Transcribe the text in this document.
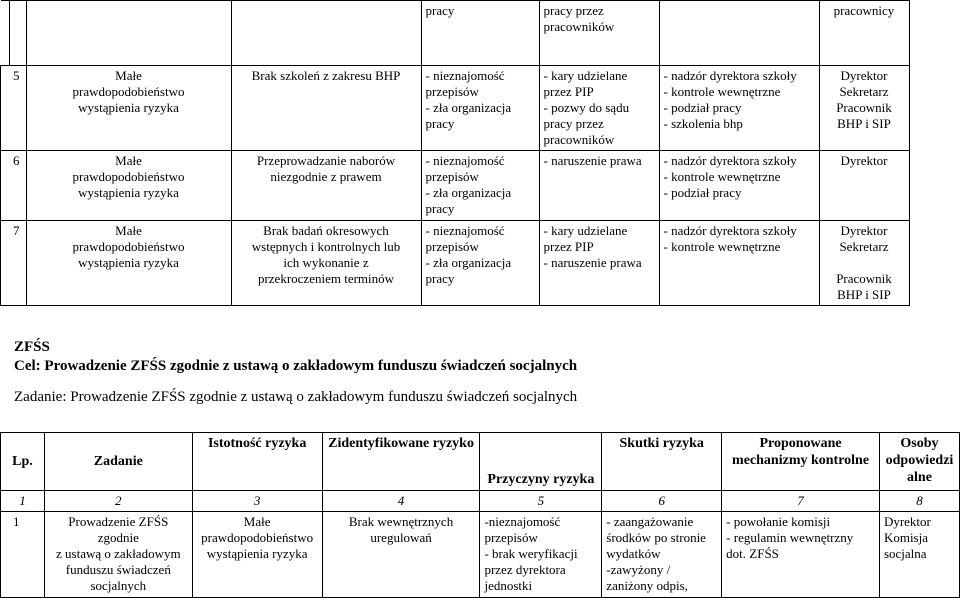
				pracy	pracy przez
pracowników		pracownicy
5		Małe
prawdopodobieństwo
wystąpienia ryzyka	Brak szkoleń z zakresu BHP	- nieznajomość
przepisów
- zła organizacja
pracy	- kary udzielane
przez PIP
- pozwy do sądu
pracy przez
pracowników	- nadzór dyrektora szkoły
- kontrole wewnętrzne
- podział pracy
- szkolenia bhp	Dyrektor
Sekretarz
Pracownik
BHP i SIP
6		Małe
prawdopodobieństwo
wystąpienia ryzyka	Przeprowadzanie naborów
niezgodnie z prawem	- nieznajomość
przepisów
- zła organizacja
pracy	- naruszenie prawa	- nadzór dyrektora szkoły
- kontrole wewnętrzne
- podział pracy	Dyrektor
7		Małe
prawdopodobieństwo
wystąpienia ryzyka	Brak badań okresowych
wstępnych i kontrolnych lub
ich wykonanie z
przekroczeniem terminów	- nieznajomość
przepisów
- zła organizacja
pracy	- kary udzielane
przez PIP
- naruszenie prawa	- nadzór dyrektora szkoły
- kontrole wewnętrzne	Dyrektor
Sekretarz

Pracownik
BHP i SIP
ZFŚS
Cel: Prowadzenie ZFŚS zgodnie z ustawą o zakładowym funduszu świadczeń socjalnych
Zadanie: Prowadzenie ZFŚS zgodnie z ustawą o zakładowym funduszu świadczeń socjalnych
Lp.	Zadanie	Istotność ryzyka	Zidentyfikowane ryzyko	Przyczyny ryzyka	Skutki ryzyka	Proponowane
mechanizmy kontrolne	Osoby
odpowiedzi
alne
1	2	3	4	5	6	7	8
1	Prowadzenie ZFŚS zgodnie
z ustawą o zakładowym
funduszu świadczeń
socjalnych	Małe
prawdopodobieństwo
wystąpienia ryzyka	Brak wewnętrznych
uregulowań	-nieznajomość
przepisów
- brak weryfikacji
przez dyrektora
jednostki	- zaangażowanie
środków po stronie
wydatków
-zawyżony /
zaniżony odpis,	- powołanie komisji
- regulamin wewnętrzny
dot. ZFŚS	Dyrektor
Komisja
socjalna
